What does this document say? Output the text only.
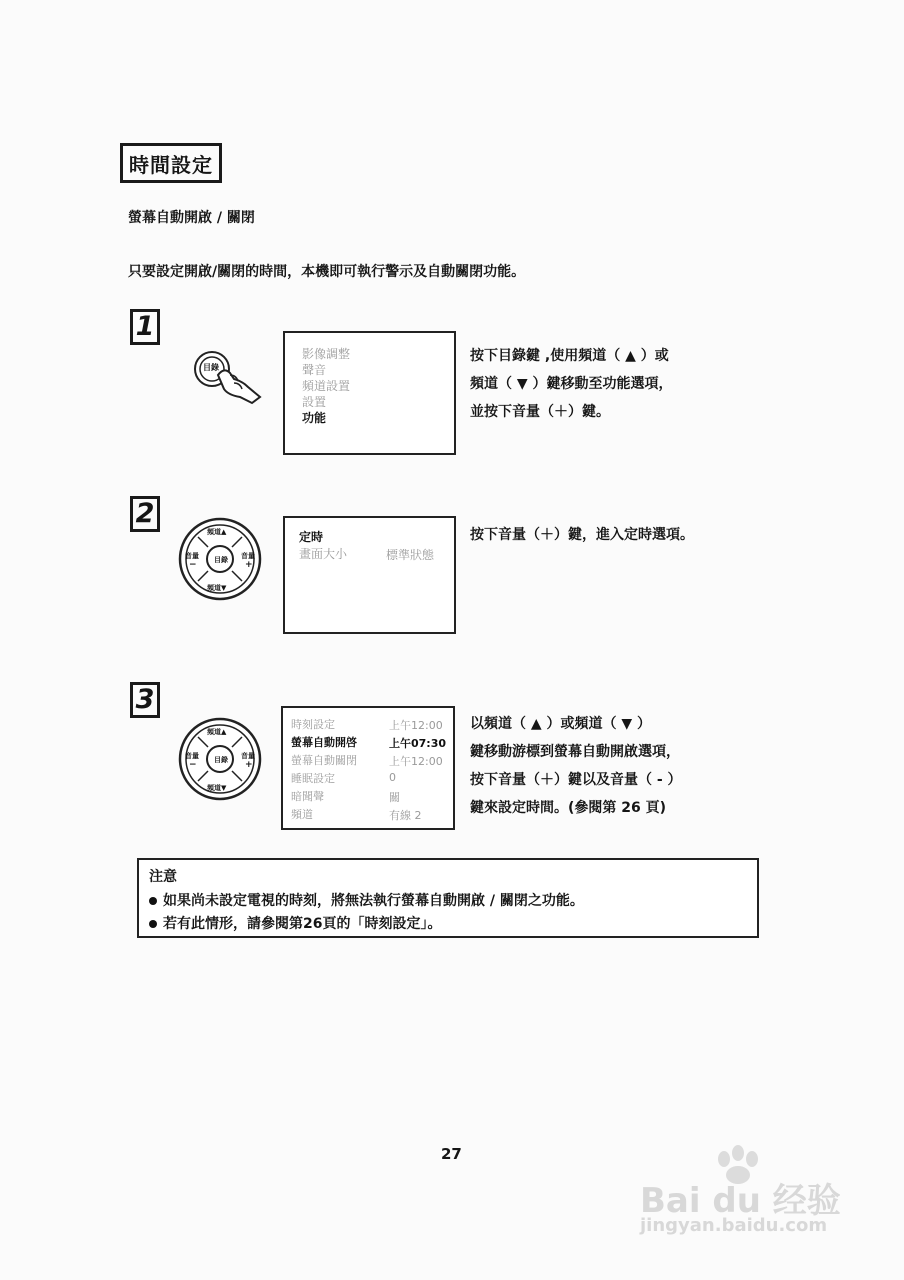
時間設定
螢幕自動開啟 / 關閉
只要設定開啟/關閉的時間，本機即可執行警示及自動關閉功能。
1
目錄
影像調整
聲音
頻道設置
設置
功能
按下目錄鍵 ,使用頻道（ ▲ ）或
頻道（ ▼ ）鍵移動至功能選項，
並按下音量（＋）鍵。
2
頻道▲
頻道▼
音量
−
音量
+
目錄
定時
畫面大小	標準狀態
按下音量（＋）鍵，進入定時選項。
3
頻道▲
頻道▼
音量
−
音量
+
目錄
時刻設定	上午12:00
螢幕自動開啓	上午07:30
螢幕自動關閉	上午12:00
睡眠設定	0
暗聞聲	關
頻道	有線 2
以頻道（ ▲ ）或頻道（ ▼ ）
鍵移動游標到螢幕自動開啟選項，
按下音量（＋）鍵以及音量（ - ）
鍵來設定時間。(參閱第 26 頁)
注意
如果尚未設定電視的時刻，將無法執行螢幕自動開啟 / 關閉之功能。
若有此情形，請參閱第26頁的「時刻設定」。
27
Bai du 经验
jingyan.baidu.com
